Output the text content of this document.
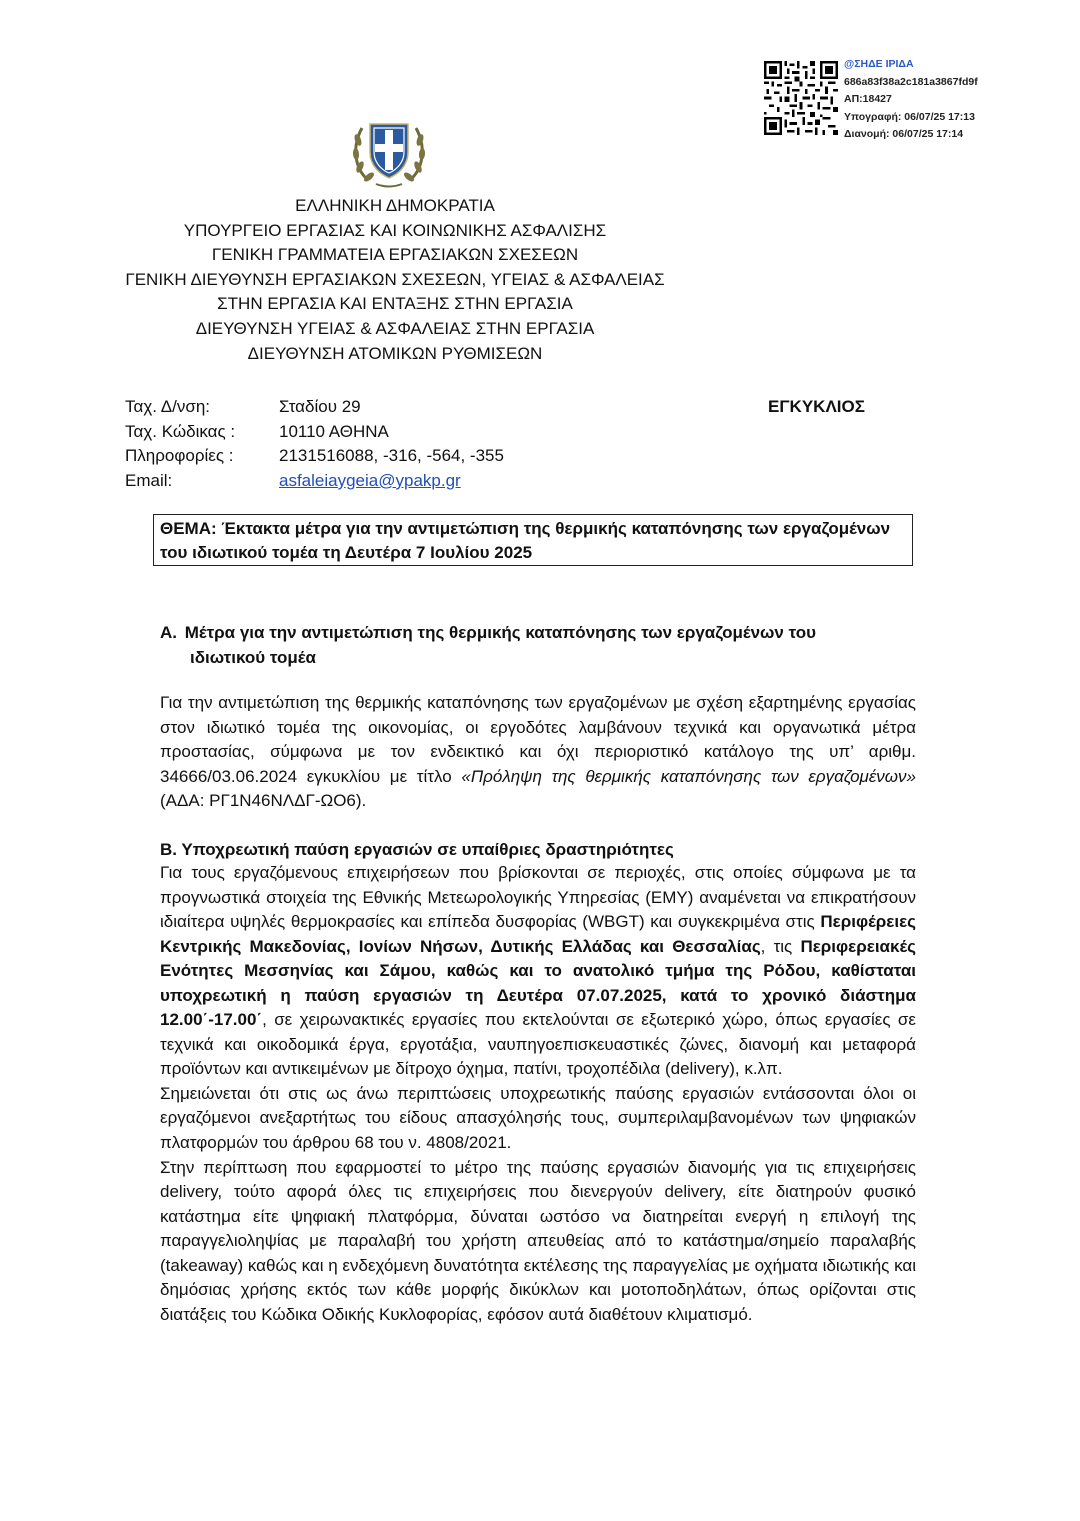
@ΣΗΔΕ ΙΡΙΔΑ
686a83f38a2c181a3867fd9f
ΑΠ:18427
Υπογραφή: 06/07/25 17:13
Διανομή: 06/07/25 17:14
ΕΛΛΗΝΙΚΗ ΔΗΜΟΚΡΑΤΙΑ
ΥΠΟΥΡΓΕΙΟ ΕΡΓΑΣΙΑΣ ΚΑΙ ΚΟΙΝΩΝΙΚΗΣ ΑΣΦΑΛΙΣΗΣ
ΓΕΝΙΚΗ ΓΡΑΜΜΑΤΕΙΑ ΕΡΓΑΣΙΑΚΩΝ ΣΧΕΣΕΩΝ
ΓΕΝΙΚΗ ΔΙΕΥΘΥΝΣΗ ΕΡΓΑΣΙΑΚΩΝ ΣΧΕΣΕΩΝ, ΥΓΕΙΑΣ & ΑΣΦΑΛΕΙΑΣ
ΣΤΗΝ ΕΡΓΑΣΙΑ ΚΑΙ ΕΝΤΑΞΗΣ ΣΤΗΝ ΕΡΓΑΣΙΑ
ΔΙΕΥΘΥΝΣΗ ΥΓΕΙΑΣ & ΑΣΦΑΛΕΙΑΣ ΣΤΗΝ ΕΡΓΑΣΙΑ
ΔΙΕΥΘΥΝΣΗ ΑΤΟΜΙΚΩΝ ΡΥΘΜΙΣΕΩΝ
Ταχ. Δ/νση:	Σταδίου 29
Ταχ. Κώδικας :	10110 ΑΘΗΝΑ
Πληροφορίες :	2131516088, -316, -564, -355
Email:	asfaleiaygeia@ypakp.gr
ΕΓΚΥΚΛΙΟΣ
ΘΕΜΑ: Έκτακτα μέτρα για την αντιμετώπιση της θερμικής καταπόνησης των εργαζομένων
του ιδιωτικού τομέα τη Δευτέρα 7 Ιουλίου 2025
Α. Μέτρα για την αντιμετώπιση της θερμικής καταπόνησης των εργαζομένων του
ιδιωτικού τομέα

Για την αντιμετώπιση της θερμικής καταπόνησης των εργαζομένων με σχέση εξαρτημένης εργασίας στον ιδιωτικό τομέα της οικονομίας, οι εργοδότες λαμβάνουν τεχνικά και οργανωτικά μέτρα προστασίας, σύμφωνα με τον ενδεικτικό και όχι περιοριστικό κατάλογο της υπ’ αριθμ. 34666/03.06.2024 εγκυκλίου με τίτλο «Πρόληψη της θερμικής καταπόνησης των εργαζομένων» (ΑΔΑ: ΡΓ1Ν46ΝΛΔΓ-ΩΟ6).

Β. Υποχρεωτική παύση εργασιών σε υπαίθριες δραστηριότητες

Για τους εργαζόμενους επιχειρήσεων που βρίσκονται σε περιοχές, στις οποίες σύμφωνα με τα προγνωστικά στοιχεία της Εθνικής Μετεωρολογικής Υπηρεσίας (ΕΜΥ) αναμένεται να επικρατήσουν ιδιαίτερα υψηλές θερμοκρασίες και επίπεδα δυσφορίας (WBGT) και συγκεκριμένα στις Περιφέρειες Κεντρικής Μακεδονίας, Ιονίων Νήσων, Δυτικής Ελλάδας και Θεσσαλίας, τις Περιφερειακές Ενότητες Μεσσηνίας και Σάμου, καθώς και το ανατολικό τμήμα της Ρόδου, καθίσταται υποχρεωτική η παύση εργασιών τη Δευτέρα 07.07.2025, κατά το χρονικό διάστημα 12.00΄-17.00΄, σε χειρωνακτικές εργασίες που εκτελούνται σε εξωτερικό χώρο, όπως εργασίες σε τεχνικά και οικοδομικά έργα, εργοτάξια, ναυπηγοεπισκευαστικές ζώνες, διανομή και μεταφορά προϊόντων και αντικειμένων με δίτροχο όχημα, πατίνι, τροχοπέδιλα (delivery), κ.λπ.

Σημειώνεται ότι στις ως άνω περιπτώσεις υποχρεωτικής παύσης εργασιών εντάσσονται όλοι οι εργαζόμενοι ανεξαρτήτως του είδους απασχόλησής τους, συμπεριλαμβανομένων των ψηφιακών πλατφορμών του άρθρου 68 του ν. 4808/2021.

Στην περίπτωση που εφαρμοστεί το μέτρο της παύσης εργασιών διανομής για τις επιχειρήσεις delivery, τούτο αφορά όλες τις επιχειρήσεις που διενεργούν delivery, είτε διατηρούν φυσικό κατάστημα είτε ψηφιακή πλατφόρμα, δύναται ωστόσο να διατηρείται ενεργή η επιλογή της παραγγελιοληψίας με παραλαβή του χρήστη απευθείας από το κατάστημα/σημείο παραλαβής (takeaway) καθώς και η ενδεχόμενη δυνατότητα εκτέλεσης της παραγγελίας με οχήματα ιδιωτικής και δημόσιας χρήσης εκτός των κάθε μορφής δικύκλων και μοτοποδηλάτων, όπως ορίζονται στις διατάξεις του Κώδικα Οδικής Κυκλοφορίας, εφόσον αυτά διαθέτουν κλιματισμό.
